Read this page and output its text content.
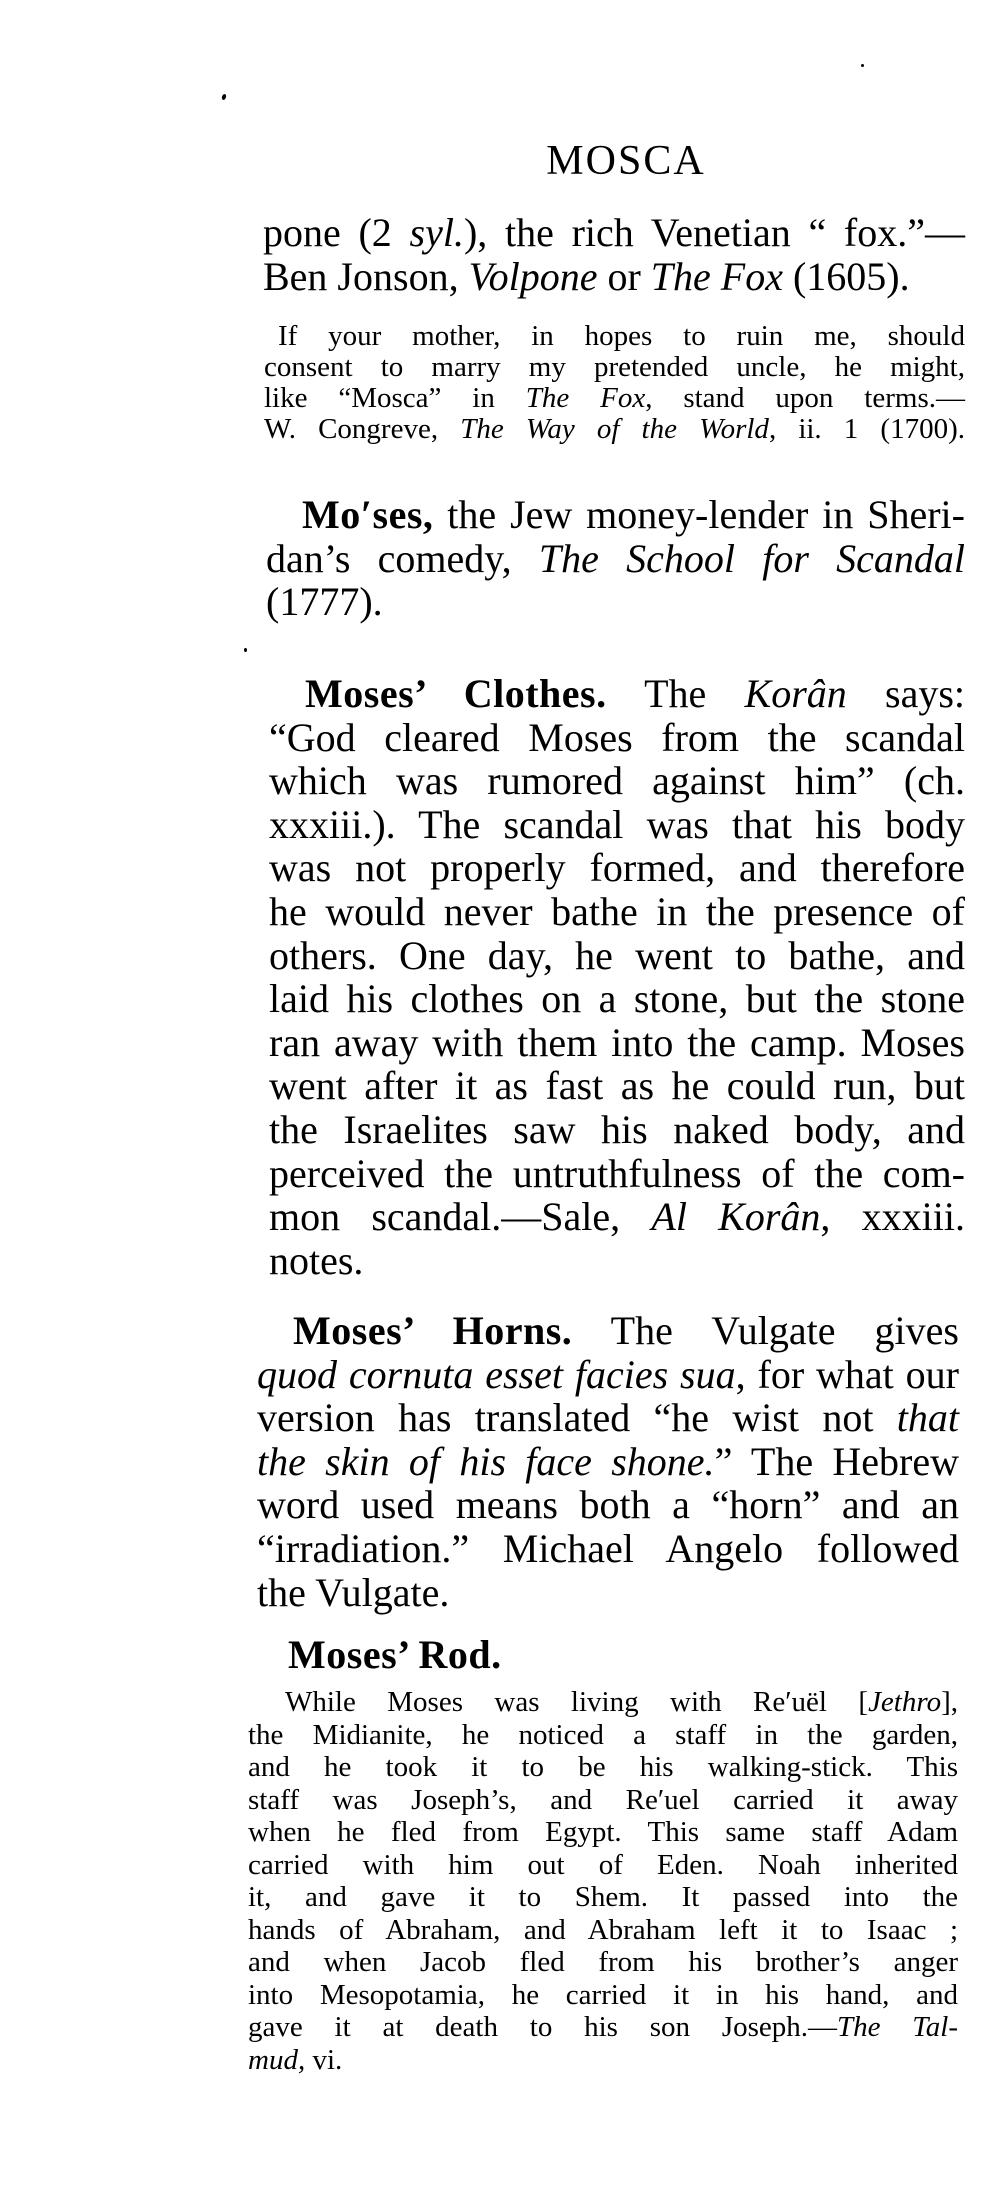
MOSCA
pone (2 syl.), the rich Venetian “ fox.”—
Ben Jonson, Volpone or The Fox (1605).
If your mother, in hopes to ruin me, should
consent to marry my pretended uncle, he might,
like “Mosca” in The Fox, stand upon terms.—
W. Congreve, The Way of the World, ii. 1 (1700).
Mo′ses, the Jew money-lender in Sheri-
dan’s comedy, The School for Scandal
(1777).
Moses’ Clothes. The Korân says:
“God cleared Moses from the scandal
which was rumored against him” (ch.
xxxiii.). The scandal was that his body
was not properly formed, and therefore
he would never bathe in the presence of
others. One day, he went to bathe, and
laid his clothes on a stone, but the stone
ran away with them into the camp. Moses
went after it as fast as he could run, but
the Israelites saw his naked body, and
perceived the untruthfulness of the com-
mon scandal.—Sale, Al Korân, xxxiii.
notes.
Moses’ Horns. The Vulgate gives
quod cornuta esset facies sua, for what our
version has translated “he wist not that
the skin of his face shone.” The Hebrew
word used means both a “horn” and an
“irradiation.” Michael Angelo followed
the Vulgate.
Moses’ Rod.
While Moses was living with Re′uël [Jethro],
the Midianite, he noticed a staff in the garden,
and he took it to be his walking-stick. This
staff was Joseph’s, and Re′uel carried it away
when he fled from Egypt. This same staff Adam
carried with him out of Eden. Noah inherited
it, and gave it to Shem. It passed into the
hands of Abraham, and Abraham left it to Isaac ;
and when Jacob fled from his brother’s anger
into Mesopotamia, he carried it in his hand, and
gave it at death to his son Joseph.—The Tal-
mud, vi.
